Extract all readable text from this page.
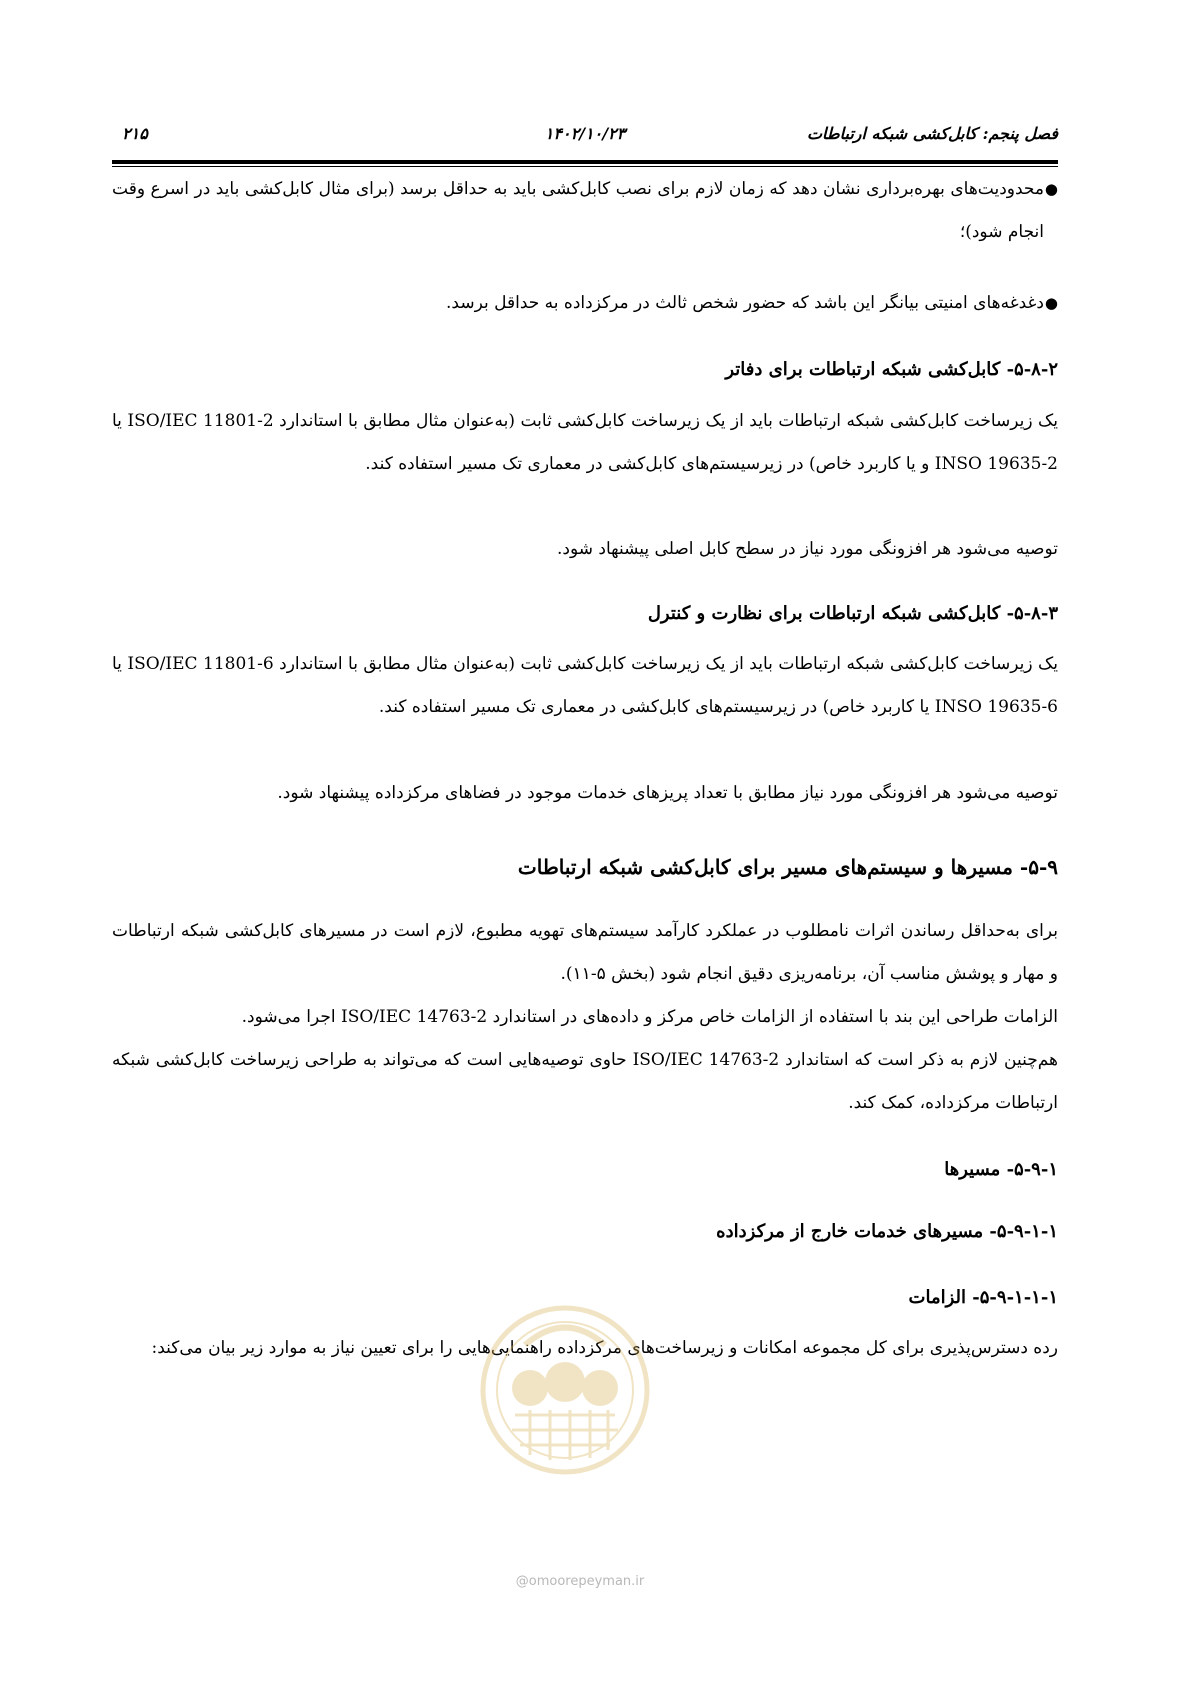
فصل پنجم: کابل‌کشی شبکه ارتباطات
۱۴۰۲/۱۰/۲۳
۲۱۵
●
محدودیت‌های بهره‌برداری نشان دهد که زمان لازم برای نصب کابل‌کشی باید به حداقل برسد (برای مثال کابل‌کشی باید در اسرع وقت انجام شود)؛
●
دغدغه‌های امنیتی بیانگر این باشد که حضور شخص ثالث در مرکزداده به حداقل برسد.
۵-۸-۲- کابل‌کشی شبکه ارتباطات برای دفاتر
یک زیرساخت کابل‌کشی شبکه ارتباطات باید از یک زیرساخت کابل‌کشی ثابت (به‌عنوان مثال مطابق با استاندارد ISO/IEC 11801-2 یا INSO 19635-2 و یا کاربرد خاص) در زیرسیستم‌های کابل‌کشی در معماری تک مسیر استفاده کند.
توصیه می‌شود هر افزونگی مورد نیاز در سطح کابل اصلی پیشنهاد شود.
۵-۸-۳- کابل‌کشی شبکه ارتباطات برای نظارت و کنترل
یک زیرساخت کابل‌کشی شبکه ارتباطات باید از یک زیرساخت کابل‌کشی ثابت (به‌عنوان مثال مطابق با استاندارد ISO/IEC 11801-6 یا INSO 19635-6 یا کاربرد خاص) در زیرسیستم‌های کابل‌کشی در معماری تک مسیر استفاده کند.
توصیه می‌شود هر افزونگی مورد نیاز مطابق با تعداد پریزهای خدمات موجود در فضاهای مرکزداده پیشنهاد شود.
۵-۹- مسیرها و سیستم‌های مسیر برای کابل‌کشی شبکه ارتباطات
برای به‌حداقل رساندن اثرات نامطلوب در عملکرد کارآمد سیستم‌های تهویه مطبوع، لازم است در مسیرهای کابل‌کشی شبکه ارتباطات و مهار و پوشش مناسب آن، برنامه‌ریزی دقیق انجام شود (بخش ۵-۱۱).
الزامات طراحی این بند با استفاده از الزامات خاص مرکز و داده‌های در استاندارد ISO/IEC 14763-2 اجرا می‌شود.
هم‌چنین لازم به ذکر است که استاندارد ISO/IEC 14763-2 حاوی توصیه‌هایی است که می‌تواند به طراحی زیرساخت کابل‌کشی شبکه ارتباطات مرکزداده، کمک کند.
۵-۹-۱- مسیرها
۵-۹-۱-۱- مسیرهای خدمات خارج از مرکزداده
۵-۹-۱-۱-۱- الزامات
رده دسترس‌پذیری برای کل مجموعه امکانات و زیرساخت‌های مرکزداده راهنمایی‌هایی را برای تعیین نیاز به موارد زیر بیان می‌کند:
@omoorepeyman.ir
